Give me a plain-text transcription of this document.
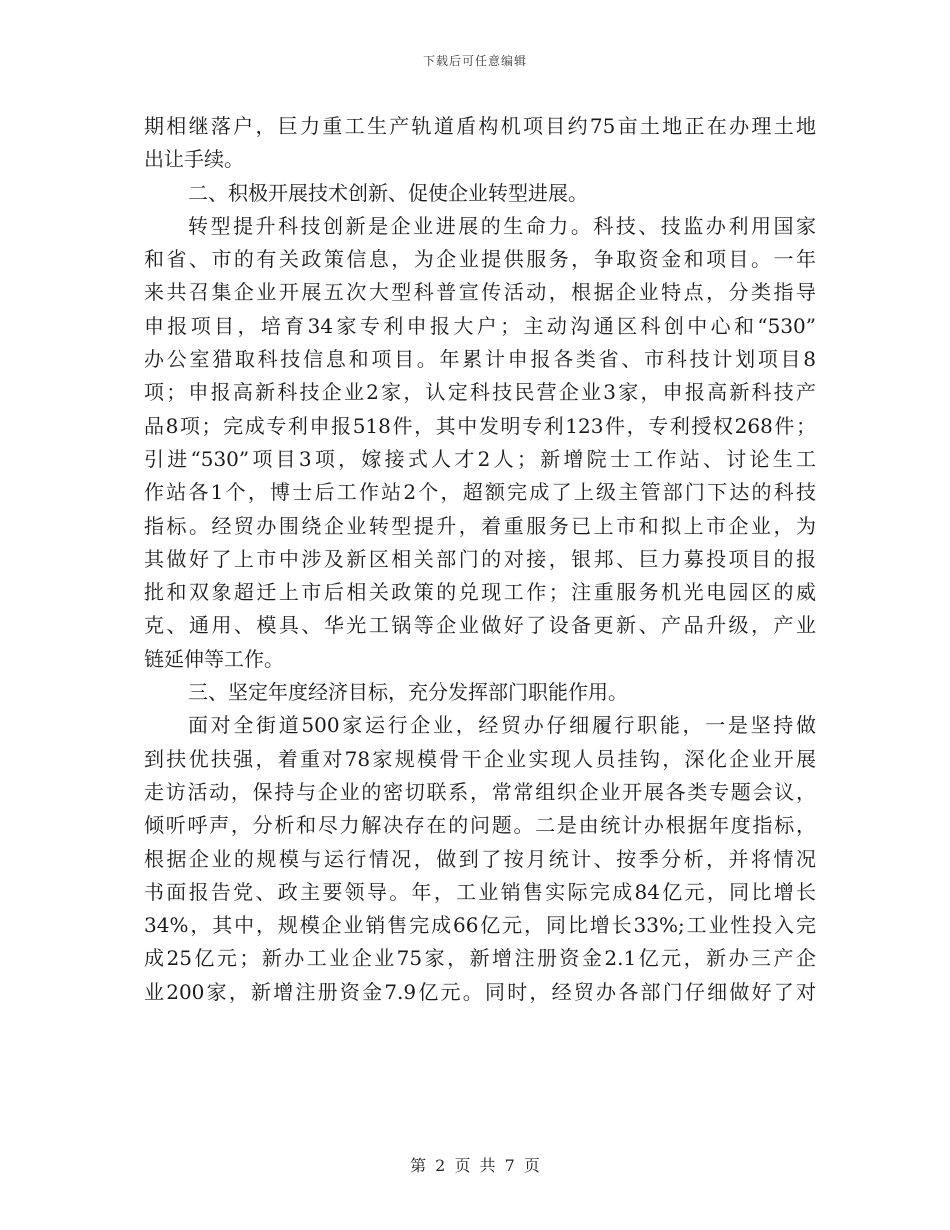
下载后可任意编辑
期相继落户，巨力重工生产轨道盾构机项目约75亩土地正在办理土地
出让手续。
二、积极开展技术创新、促使企业转型进展。
转型提升科技创新是企业进展的生命力。科技、技监办利用国家
和省、市的有关政策信息，为企业提供服务，争取资金和项目。一年
来共召集企业开展五次大型科普宣传活动，根据企业特点，分类指导
申报项目，培育34家专利申报大户；主动沟通区科创中心和“530”
办公室猎取科技信息和项目。年累计申报各类省、市科技计划项目8
项；申报高新科技企业2家，认定科技民营企业3家，申报高新科技产
品8项；完成专利申报518件，其中发明专利123件，专利授权268件；
引进“530”项目3项，嫁接式人才2人；新增院士工作站、讨论生工
作站各1个，博士后工作站2个，超额完成了上级主管部门下达的科技
指标。经贸办围绕企业转型提升，着重服务已上市和拟上市企业，为
其做好了上市中涉及新区相关部门的对接，银邦、巨力募投项目的报
批和双象超迁上市后相关政策的兑现工作；注重服务机光电园区的威
克、通用、模具、华光工锅等企业做好了设备更新、产品升级，产业
链延伸等工作。
三、坚定年度经济目标，充分发挥部门职能作用。
面对全街道500家运行企业，经贸办仔细履行职能，一是坚持做
到扶优扶强，着重对78家规模骨干企业实现人员挂钩，深化企业开展
走访活动，保持与企业的密切联系，常常组织企业开展各类专题会议，
倾听呼声，分析和尽力解决存在的问题。二是由统计办根据年度指标，
根据企业的规模与运行情况，做到了按月统计、按季分析，并将情况
书面报告党、政主要领导。年，工业销售实际完成84亿元，同比增长
34%，其中，规模企业销售完成66亿元，同比增长33%;工业性投入完
成25亿元；新办工业企业75家，新增注册资金2.1亿元，新办三产企
业200家，新增注册资金7.9亿元。同时，经贸办各部门仔细做好了对
第 2 页 共 7 页
